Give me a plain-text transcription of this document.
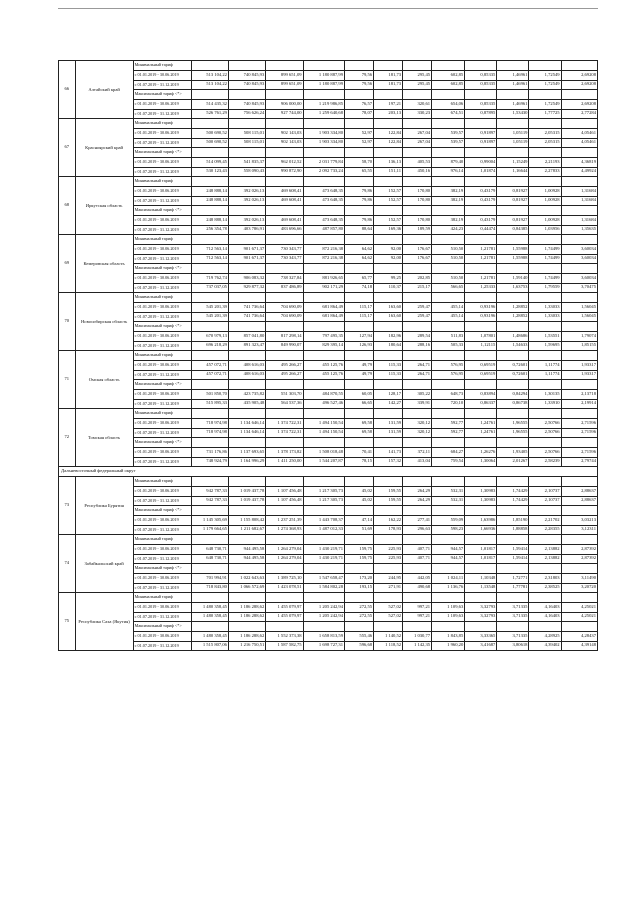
66	Алтайский край	Минимальный тариф												
		с 01.01.2019 - 30.06.2019	513 104,22	740 845,93	899 651,09	1 180 887,99	79,56	181,73	295,45	602,85	0,85335	1,46961	1,72549	2,69208
		с 01.07.2019 - 31.12.2019	513 104,22	740 845,93	899 651,09	1 180 887,99	79,56	181,73	295,45	602,85	0,85335	1,46961	1,72549	2,69208
		Максимальный тариф <*>												
		с 01.01.2019 - 30.06.2019	514 435,32	740 845,93	906 000,00	1 219 986,85	76,57	197,21	320,61	654,06	0,85335	1,46961	1,72549	2,69208
		с 01.07.2019 - 31.12.2019	526 761,29	756 626,24	927 744,00	1 259 640,68	78,07	203,13	330,23	674,51	0,87895	1,53430	1,77725	2,77284
67	Красноярский край	Минимальный тариф												
		с 01.01.2019 - 30.06.2019	500 690,52	508 115,01	902 143,03	1 903 334,80	52,97	122,84	267,04	539,57	0,91897	1,05119	2,05315	4,05461
		с 01.07.2019 - 31.12.2019	500 690,52	508 115,01	902 143,03	1 903 334,80	52,97	122,84	267,04	539,57	0,91897	1,05119	2,05315	4,05461
		Максимальный тариф <*>												
		с 01.01.2019 - 30.06.2019	514 099,45	541 835,37	962 012,52	2 031 779,84	58,70	136,13	405,53	879,40	0,99004	1,15249	2,21193	4,36819
		с 01.07.2019 - 31.12.2019	530 123,43	558 090,43	990 872,90	2 092 733,24	65,55	151,11	450,16	976,14	1,01874	1,16644	2,27833	4,49924
68	Иркутская область	Минимальный тариф												
		с 01.01.2019 - 30.06.2019	248 888,14	392 026,13	469 608,41	473 648,35	79,86	152,57	170,80	382,19	0,43179	0,81927	1,00928	1,31684
		с 01.07.2019 - 31.12.2019	248 888,14	392 026,13	469 608,41	473 648,35	79,86	152,57	170,80	382,19	0,43179	0,81927	1,00928	1,31684
		Максимальный тариф <*>												
		с 01.01.2019 - 30.06.2019	248 888,14	392 026,13	469 608,41	473 648,35	79,86	152,57	170,80	382,19	0,43179	0,81927	1,00928	1,31684
		с 01.07.2019 - 31.12.2019	256 354,78	403 786,91	483 696,66	487 857,80	88,64	169,36	189,59	424,23	0,44474	0,84385	1,03956	1,35635
69	Кемеровская область	Минимальный тариф												
		с 01.01.2019 - 30.06.2019	712 563,14	901 671,37	730 343,77	872 216,38	64,62	92,00	176,67	510,50	1,21781	1,55988	1,74499	3,60034
		с 01.07.2019 - 31.12.2019	712 563,14	901 671,37	730 343,77	872 216,38	64,62	92,00	176,67	510,50	1,21781	1,55988	1,74499	3,60034
		Максимальный тариф <*>												
		с 01.01.2019 - 30.06.2019	719 762,74	906 083,32	738 327,84	881 926,65	65,77	99,25	202,85	510,50	1,21781	1,59140	1,74499	3,60034
		с 01.07.2019 - 31.12.2019	737 037,05	929 877,32	837 486,89	902 171,29	74,18	110,37	215,17	566,65	1,25333	1,63753	1,79559	3,70475
70	Новосибирская область	Минимальный тариф												
		с 01.01.2019 - 30.06.2019	545 201,39	741 736,64	704 690,09	681 864,49	115,17	163,60	259,47	455,14	0,93196	1,28852	1,33033	1,56045
		с 01.07.2019 - 31.12.2019	545 201,39	741 736,64	704 690,09	681 864,49	115,17	163,60	259,47	455,14	0,93196	1,28852	1,33033	1,56045
		Максимальный тариф <*>												
		с 01.01.2019 - 30.06.2019	670 979,13	857 041,80	817 298,14	797 495,35	127,94	182,96	289,54	511,83	1,07801	1,48686	1,53551	1,79074
		с 01.07.2019 - 31.12.2019	696 218,29	891 323,47	849 990,07	829 395,14	126,93	180,64	288,16	505,33	1,12115	1,54633	1,59695	1,85155
71	Омская область	Минимальный тариф												
		с 01.01.2019 - 30.06.2019	457 072,71	408 616,03	495 266,27	455 125,76	49,79	115,33	264,71	576,95	0,69519	0,72601	1,11774	1,93317
		с 01.07.2019 - 31.12.2019	457 072,71	408 616,03	495 266,27	455 125,76	49,79	115,33	264,71	576,95	0,69519	0,72601	1,11774	1,93317
		Максимальный тариф <*>												
		с 01.01.2019 - 30.06.2019	501 850,70	423 735,82	551 303,70	484 870,55	60,05	128,17	305,22	648,73	0,83894	0,84294	1,30135	2,13718
		с 01.07.2019 - 31.12.2019	515 895,33	435 905,48	564 537,36	496 527,46	66,65	142,27	339,91	720,10	0,86337	0,86738	1,33910	2,19914
72	Томская область	Минимальный тариф												
		с 01.01.2019 - 30.06.2019	718 974,98	1 134 646,14	1 374 722,31	1 494 150,54	69,58	131,59	320,12	592,77	1,24761	1,96555	2,50766	2,71596
		с 01.07.2019 - 31.12.2019	718 974,98	1 134 646,14	1 374 722,31	1 494 150,54	69,58	131,59	320,12	592,77	1,24761	1,96555	2,50766	2,71596
		Максимальный тариф <*>												
		с 01.01.2019 - 30.06.2019	731 176,86	1 137 693,65	1 378 173,82	1 508 018,48	70,41	141,73	372,11	684,27	1,26276	1,93405	2,50766	2,71596
		с 01.07.2019 - 31.12.2019	748 924,79	1 164 996,29	1 411 250,00	1 544 207,87	78,15	157,32	413,04	759,54	1,30064	2,01267	2,58239	2,79744
Дальневосточный федеральный округ														
73	Республика Бурятия	Минимальный тариф												
		с 01.01.2019 - 30.06.2019	942 787,33	1 019 437,78	1 107 456,48	1 217 305,73	45,02	159,55	264,29	532,31	1,30983	1,74429	2,10737	2,88637
		с 01.07.2019 - 31.12.2019	942 787,33	1 019 437,78	1 107 456,48	1 217 305,73	45,02	159,55	264,29	532,31	1,30983	1,74429	2,10737	2,88637
		Максимальный тариф <*>												
		с 01.01.2019 - 30.06.2019	1 145 305,69	1 155 808,42	1 237 251,39	1 443 708,37	47,14	162,22	277,41	559,09	1,63986	1,85190	2,21702	3,03213
		с 01.07.2019 - 31.12.2019	1 179 664,65	1 211 682,67	1 274 368,93	1 487 012,33	51,69	178,93	296,63	598,23	1,66936	1,88858	2,28355	3,12311
74	Забайкальский край	Минимальный тариф												
		с 01.01.2019 - 30.06.2019	648 730,71	944 495,58	1 264 279,04	1 430 219,71	159,75	225,93	407,71	944,57	1,01817	1,59414	2,13882	2,87392
		с 01.07.2019 - 31.12.2019	648 730,71	944 495,58	1 264 279,04	1 430 219,71	159,75	225,93	407,71	944,57	1,01817	1,59414	2,13882	2,87392
		Максимальный тариф <*>												
		с 01.01.2019 - 30.06.2019	701 994,91	1 022 643,63	1 389 725,10	1 547 658,47	173,20	244,95	442,05	1 024,11	1,10348	1,72771	2,31803	3,11490
		с 01.07.2019 - 31.12.2019	718 843,80	1 066 572,69	1 423 078,51	1 584 802,28	193,15	271,91	490,68	1 136,76	1,13548	1,77781	2,38525	3,20720
75	Республика Саха (Якутия)	Минимальный тариф												
		с 01.01.2019 - 30.06.2019	1 480 358,45	1 186 288,62	1 455 079,97	1 205 242,94	272,55	527,02	997,21	1 109,63	3,32793	3,71335	4,16403	4,25021
		с 01.07.2019 - 31.12.2019	1 480 358,45	1 186 288,62	1 455 079,97	1 205 242,94	272,55	527,02	997,21	1 109,63	3,32793	3,71335	4,16403	4,25021
		Максимальный тариф <*>												
		с 01.01.2019 - 30.06.2019	1 480 358,45	1 186 288,62	1 552 373,38	1 658 813,59	555,46	1 140,52	1 030,77	1 843,85	3,33365	3,71335	4,28925	4,28437
		с 01.07.2019 - 31.12.2019	1 515 807,06	1 216 750,51	1 587 582,75	1 698 727,31	596,68	1 118,52	1 142,35	1 960,20	3,41687	3,80618	4,39402	4,39148
